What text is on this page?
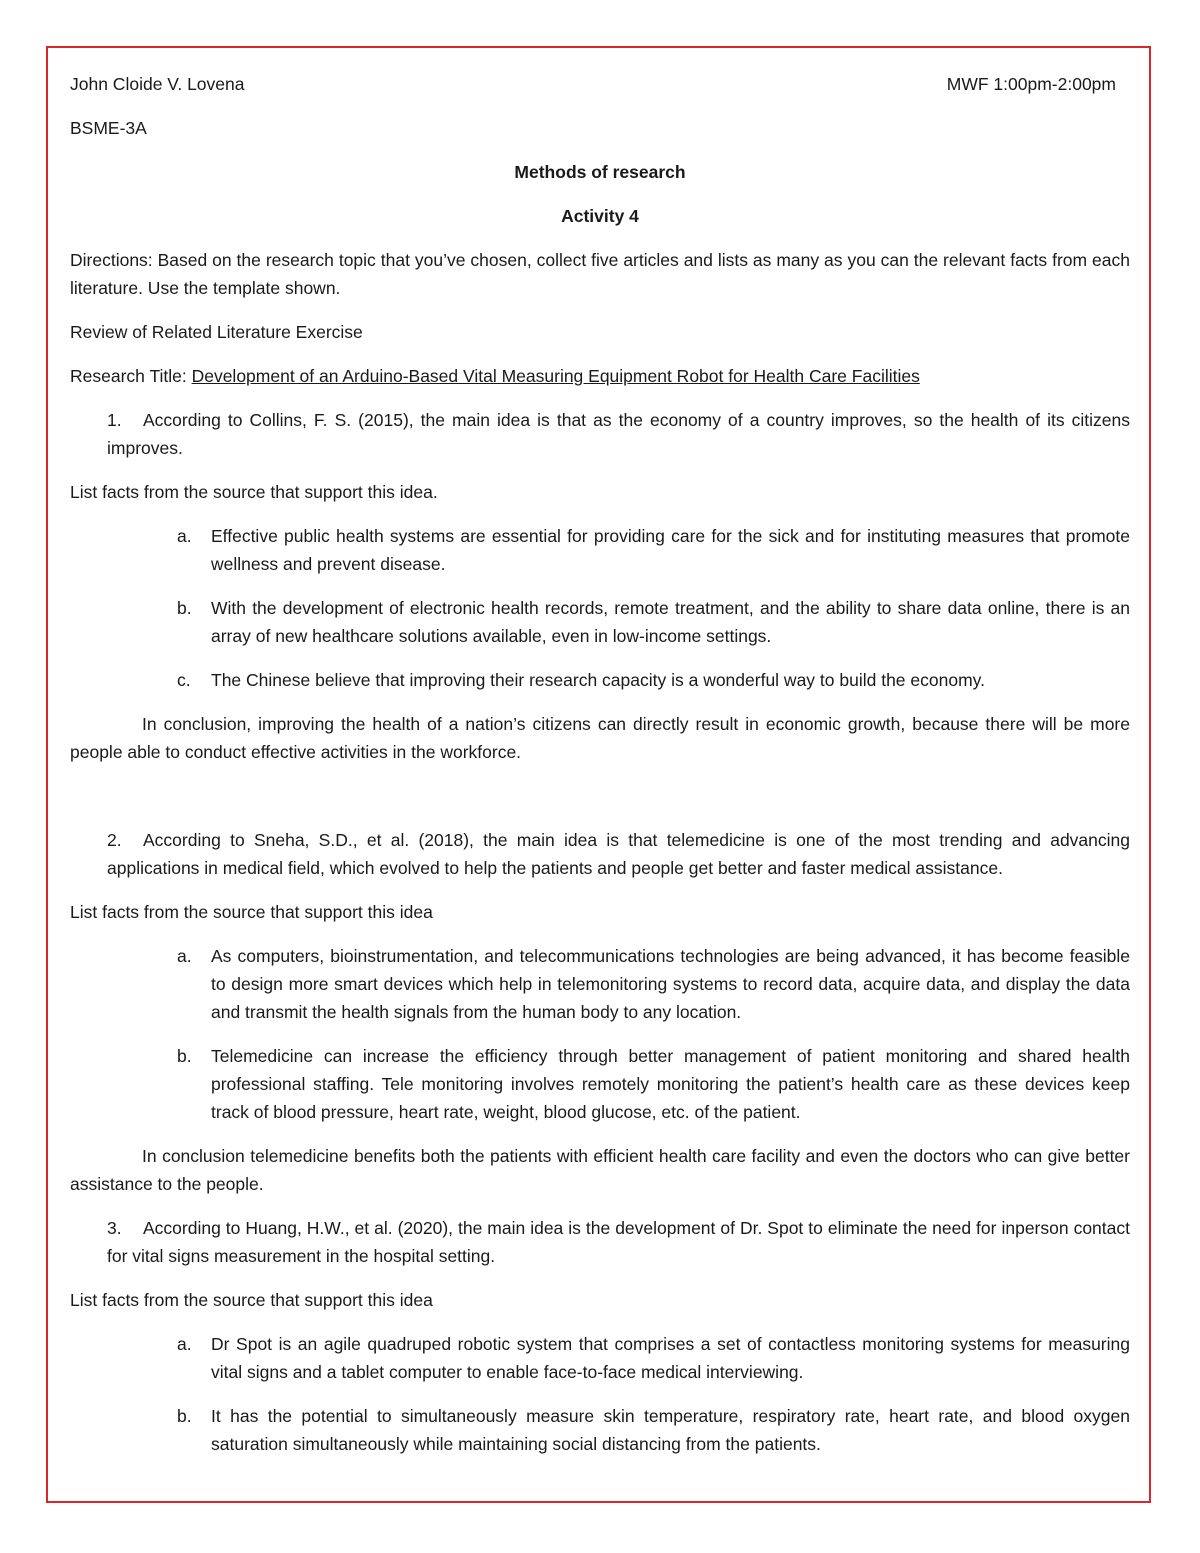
John Cloide V. Lovena	MWF 1:00pm-2:00pm

BSME-3A

Methods of research

Activity 4

Directions: Based on the research topic that you’ve chosen, collect five articles and lists as many as you can the relevant facts from each literature. Use the template shown.

Review of Related Literature Exercise

Research Title: Development of an Arduino-Based Vital Measuring Equipment Robot for Health Care Facilities

1.	According to Collins, F. S. (2015), the main idea is that as the economy of a country improves, so the health of its citizens improves.

List facts from the source that support this idea.

a. Effective public health systems are essential for providing care for the sick and for instituting measures that promote wellness and prevent disease.
b. With the development of electronic health records, remote treatment, and the ability to share data online, there is an array of new healthcare solutions available, even in low-income settings.
c. The Chinese believe that improving their research capacity is a wonderful way to build the economy.

In conclusion, improving the health of a nation’s citizens can directly result in economic growth, because there will be more people able to conduct effective activities in the workforce.

2.	According to Sneha, S.D., et al. (2018), the main idea is that telemedicine is one of the most trending and advancing applications in medical field, which evolved to help the patients and people get better and faster medical assistance.

List facts from the source that support this idea

a. As computers, bioinstrumentation, and telecommunications technologies are being advanced, it has become feasible to design more smart devices which help in telemonitoring systems to record data, acquire data, and display the data and transmit the health signals from the human body to any location.
b. Telemedicine can increase the efficiency through better management of patient monitoring and shared health professional staffing. Tele monitoring involves remotely monitoring the patient’s health care as these devices keep track of blood pressure, heart rate, weight, blood glucose, etc. of the patient.

In conclusion telemedicine benefits both the patients with efficient health care facility and even the doctors who can give better assistance to the people.

3.	According to Huang, H.W., et al. (2020), the main idea is the development of Dr. Spot to eliminate the need for inperson contact for vital signs measurement in the hospital setting.

List facts from the source that support this idea

a. Dr Spot is an agile quadruped robotic system that comprises a set of contactless monitoring systems for measuring vital signs and a tablet computer to enable face-to-face medical interviewing.
b. It has the potential to simultaneously measure skin temperature, respiratory rate, heart rate, and blood oxygen saturation simultaneously while maintaining social distancing from the patients.
